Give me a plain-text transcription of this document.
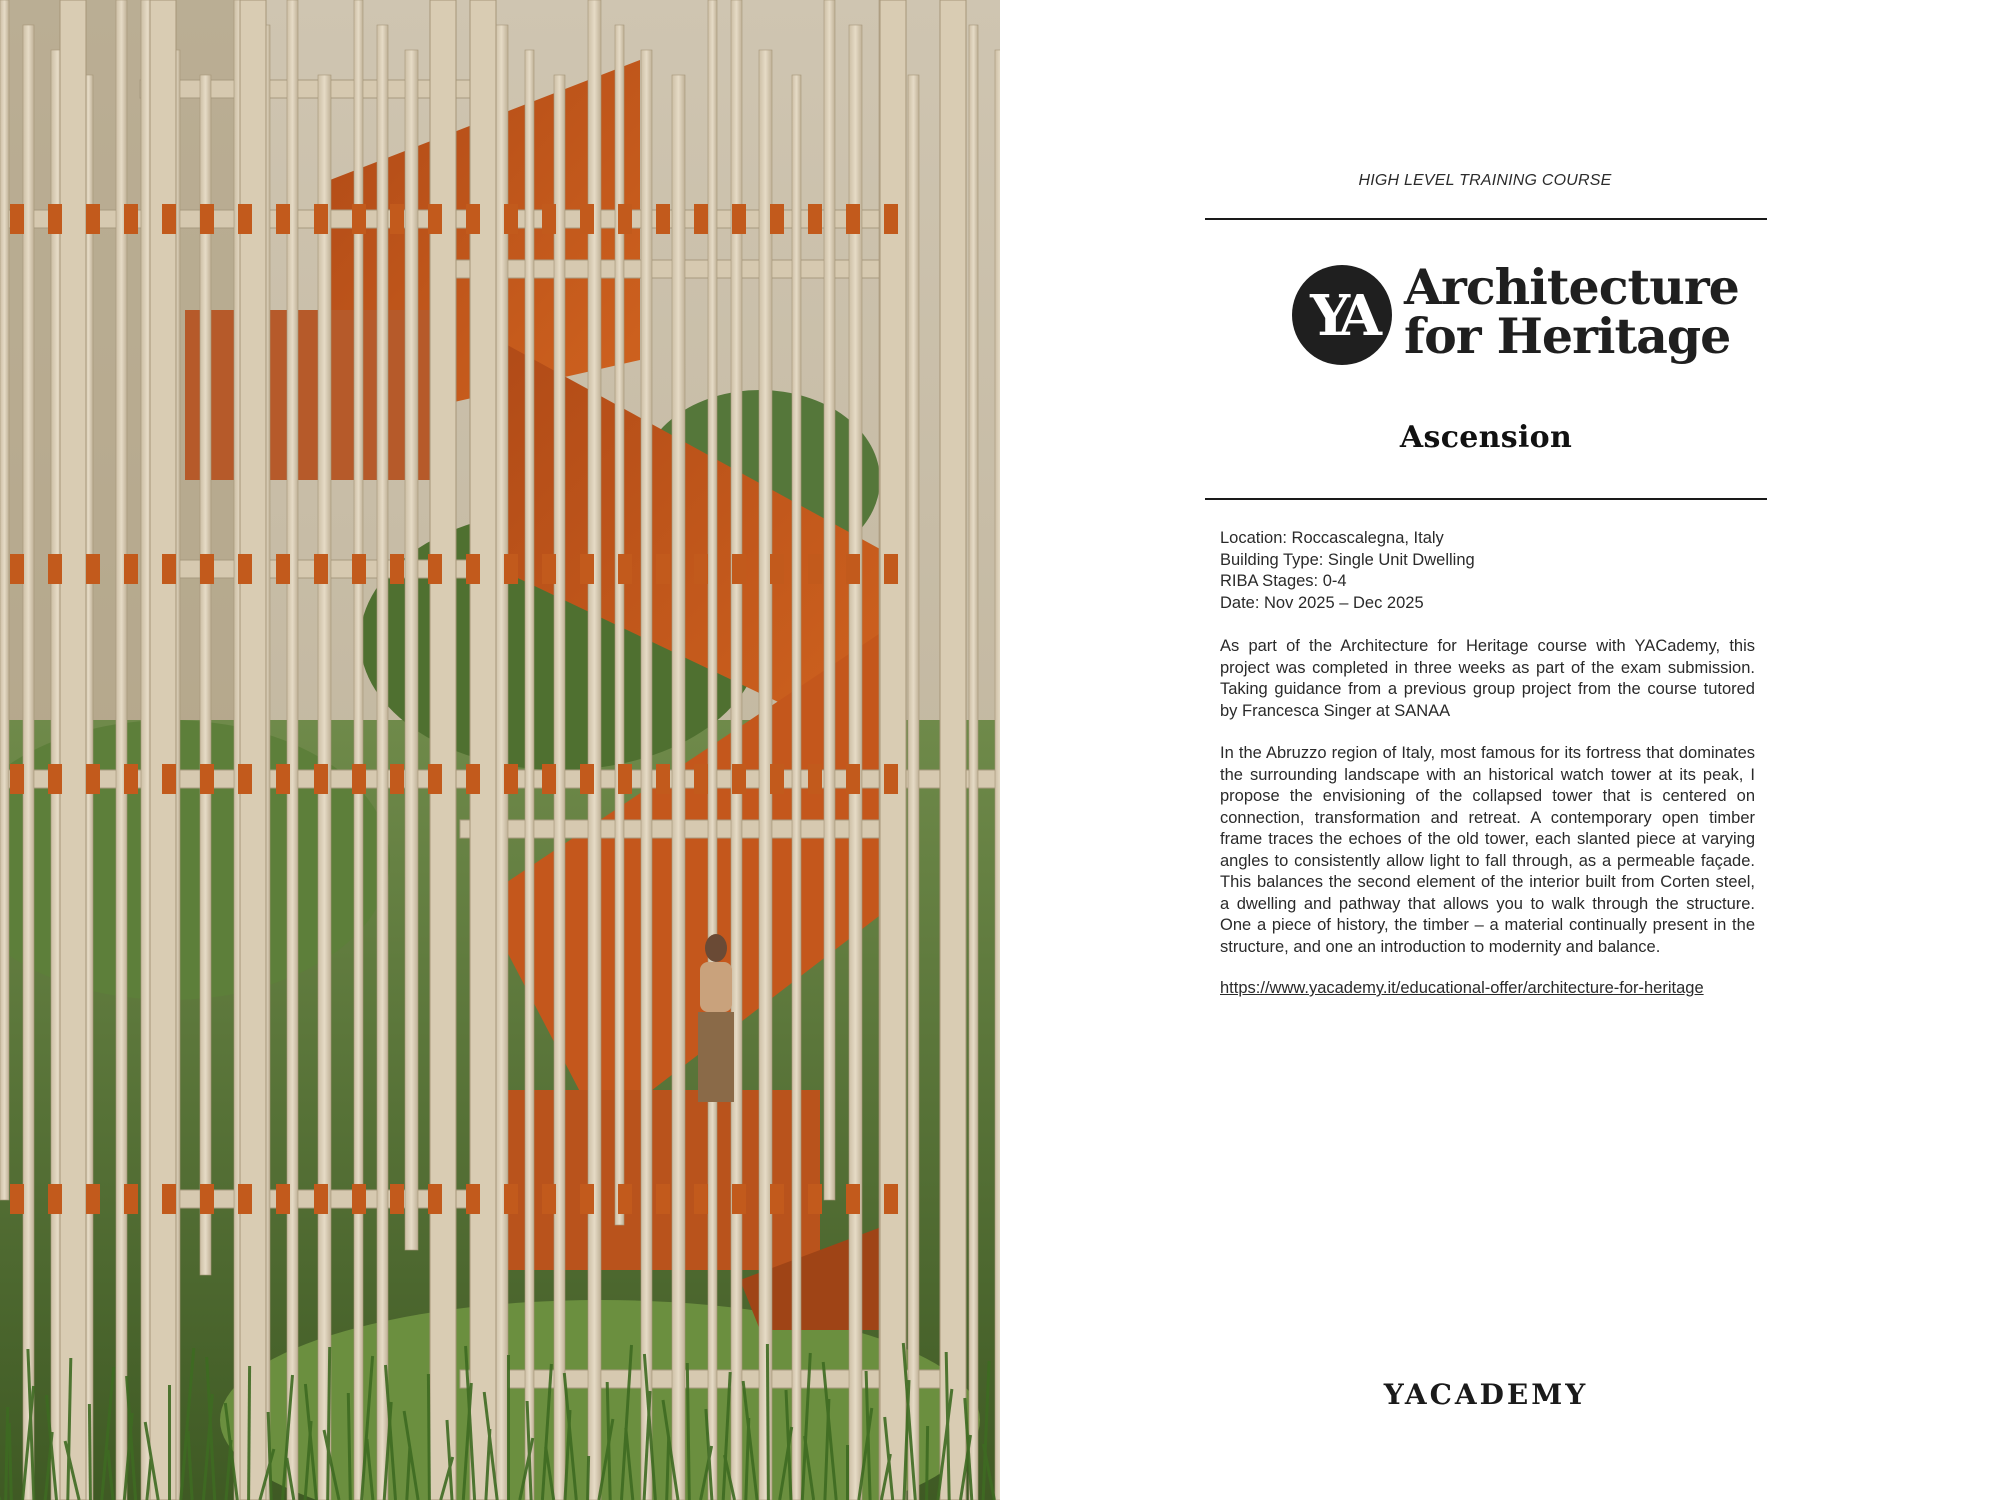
HIGH LEVEL TRAINING COURSE
YA Architecture
for Heritage
Ascension
Location: Roccascalegna, Italy
Building Type: Single Unit Dwelling
RIBA Stages: 0-4
Date: Nov 2025 – Dec 2025
As part of the Architecture for Heritage course with YACademy, this project was completed in three weeks as part of the exam submission. Taking guidance from a previous group project from the course tutored by Francesca Singer at SANAA
In the Abruzzo region of Italy, most famous for its fortress that dominates the surrounding landscape with an historical watch tower at its peak, I propose the envisioning of the collapsed tower that is centered on connection, transformation and retreat. A contemporary open timber frame traces the echoes of the old tower, each slanted piece at varying angles to consistently allow light to fall through, as a permeable façade. This balances the second element of the interior built from Corten steel, a dwelling and pathway that allows you to walk through the structure. One a piece of history, the timber – a material continually present in the structure, and one an introduction to modernity and balance.
https://www.yacademy.it/educational-offer/architecture-for-heritage
YACADEMY
